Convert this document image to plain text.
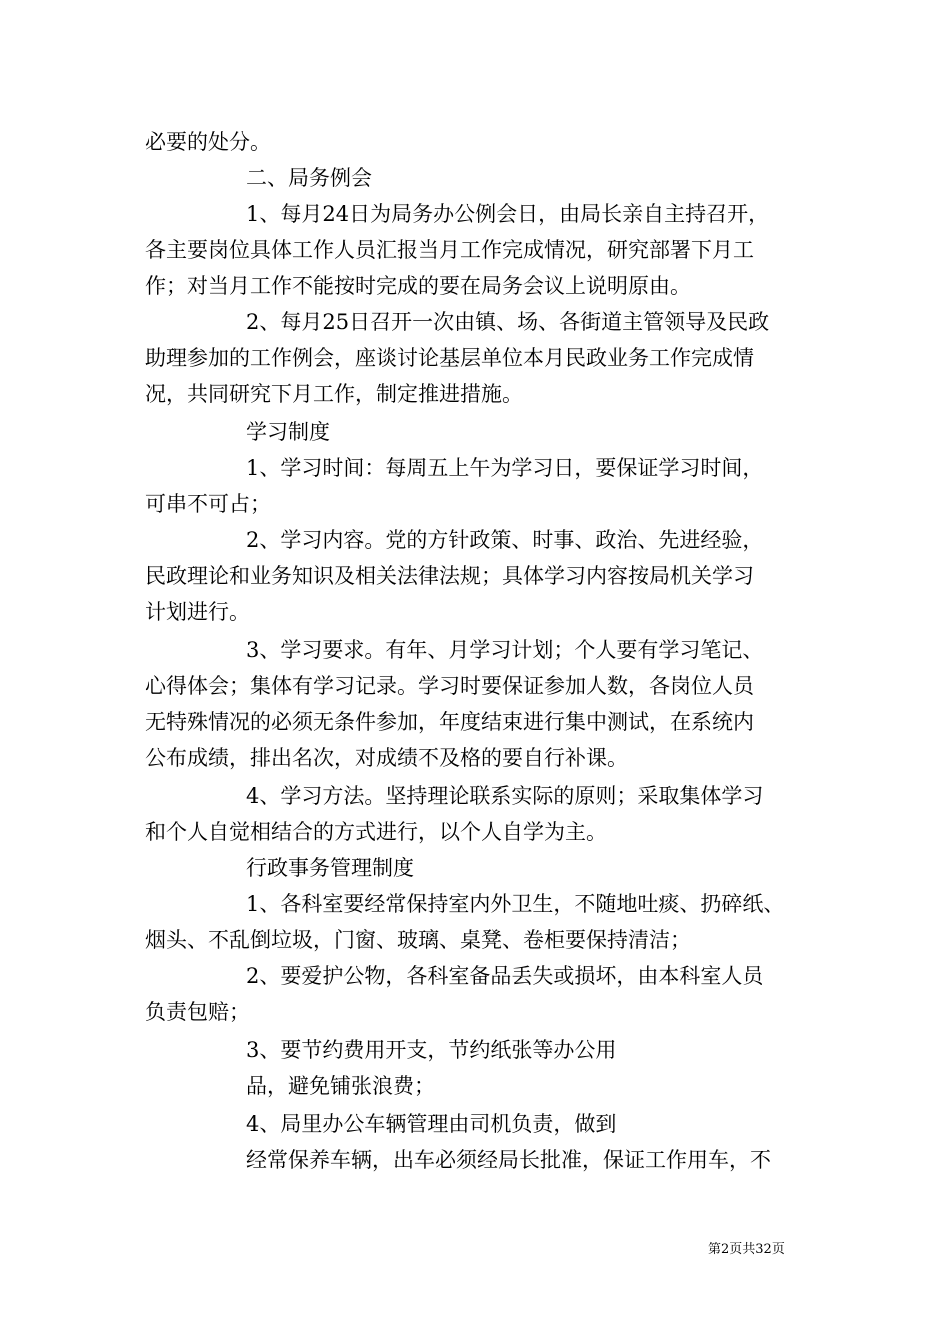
必要的处分。
二、局务例会
1、每月24日为局务办公例会日，由局长亲自主持召开，
各主要岗位具体工作人员汇报当月工作完成情况，研究部署下月工
作；对当月工作不能按时完成的要在局务会议上说明原由。
2、每月25日召开一次由镇、场、各街道主管领导及民政
助理参加的工作例会，座谈讨论基层单位本月民政业务工作完成情
况，共同研究下月工作，制定推进措施。
学习制度
1、学习时间：每周五上午为学习日，要保证学习时间，
可串不可占；
2、学习内容。党的方针政策、时事、政治、先进经验，
民政理论和业务知识及相关法律法规；具体学习内容按局机关学习
计划进行。
3、学习要求。有年、月学习计划；个人要有学习笔记、
心得体会；集体有学习记录。学习时要保证参加人数，各岗位人员
无特殊情况的必须无条件参加，年度结束进行集中测试，在系统内
公布成绩，排出名次，对成绩不及格的要自行补课。
4、学习方法。坚持理论联系实际的原则；采取集体学习
和个人自觉相结合的方式进行，以个人自学为主。
行政事务管理制度
1、各科室要经常保持室内外卫生，不随地吐痰、扔碎纸、
烟头、不乱倒垃圾，门窗、玻璃、桌凳、卷柜要保持清洁；
2、要爱护公物，各科室备品丢失或损坏，由本科室人员
负责包赔；
3、要节约费用开支，节约纸张等办公用
品，避免铺张浪费；
4、局里办公车辆管理由司机负责，做到
经常保养车辆，出车必须经局长批准，保证工作用车，不
第2页共32页
